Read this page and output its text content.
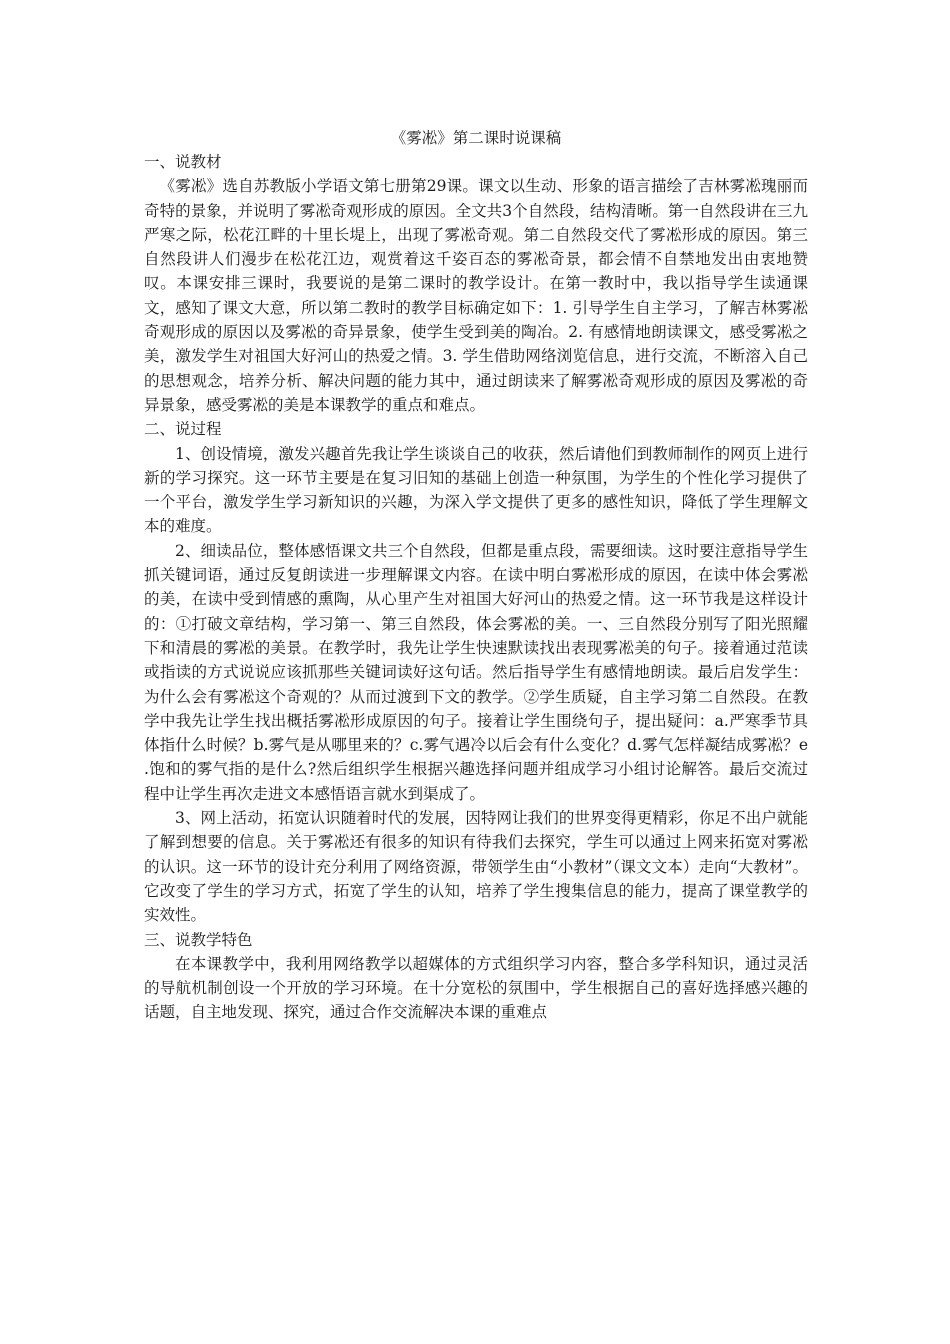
《雾凇》第二课时说课稿

一、说教材

《雾凇》选自苏教版小学语文第七册第29课。课文以生动、形象的语言描绘了吉林雾凇瑰丽而奇特的景象，并说明了雾凇奇观形成的原因。全文共3个自然段，结构清晰。第一自然段讲在三九严寒之际，松花江畔的十里长堤上，出现了雾凇奇观。第二自然段交代了雾凇形成的原因。第三自然段讲人们漫步在松花江边，观赏着这千姿百态的雾凇奇景，都会情不自禁地发出由衷地赞叹。本课安排三课时，我要说的是第二课时的教学设计。在第一教时中，我以指导学生读通课文，感知了课文大意，所以第二教时的教学目标确定如下：1. 引导学生自主学习，了解吉林雾凇奇观形成的原因以及雾凇的奇异景象，使学生受到美的陶冶。2. 有感情地朗读课文，感受雾凇之美，激发学生对祖国大好河山的热爱之情。3. 学生借助网络浏览信息，进行交流，不断溶入自己的思想观念，培养分析、解决问题的能力其中，通过朗读来了解雾凇奇观形成的原因及雾凇的奇异景象，感受雾凇的美是本课教学的重点和难点。

二、说过程

1、创设情境，激发兴趣首先我让学生谈谈自己的收获，然后请他们到教师制作的网页上进行新的学习探究。这一环节主要是在复习旧知的基础上创造一种氛围，为学生的个性化学习提供了一个平台，激发学生学习新知识的兴趣，为深入学文提供了更多的感性知识，降低了学生理解文本的难度。

2、细读品位，整体感悟课文共三个自然段，但都是重点段，需要细读。这时要注意指导学生抓关键词语，通过反复朗读进一步理解课文内容。在读中明白雾凇形成的原因，在读中体会雾凇的美，在读中受到情感的熏陶，从心里产生对祖国大好河山的热爱之情。这一环节我是这样设计的：①打破文章结构，学习第一、第三自然段，体会雾凇的美。一、三自然段分别写了阳光照耀下和清晨的雾凇的美景。在教学时，我先让学生快速默读找出表现雾凇美的句子。接着通过范读或指读的方式说说应该抓那些关键词读好这句话。然后指导学生有感情地朗读。最后启发学生：为什么会有雾凇这个奇观的？从而过渡到下文的教学。②学生质疑，自主学习第二自然段。在教学中我先让学生找出概括雾凇形成原因的句子。接着让学生围绕句子，提出疑问：a.严寒季节具体指什么时候？b.雾气是从哪里来的？c.雾气遇冷以后会有什么变化？d.雾气怎样凝结成雾凇？e .饱和的雾气指的是什么?然后组织学生根据兴趣选择问题并组成学习小组讨论解答。最后交流过程中让学生再次走进文本感悟语言就水到渠成了。

3、网上活动，拓宽认识随着时代的发展，因特网让我们的世界变得更精彩，你足不出户就能了解到想要的信息。关于雾凇还有很多的知识有待我们去探究，学生可以通过上网来拓宽对雾凇的认识。这一环节的设计充分利用了网络资源，带领学生由“小教材”（课文文本）走向“大教材”。它改变了学生的学习方式，拓宽了学生的认知，培养了学生搜集信息的能力，提高了课堂教学的实效性。

三、说教学特色

在本课教学中，我利用网络教学以超媒体的方式组织学习内容，整合多学科知识，通过灵活的导航机制创设一个开放的学习环境。在十分宽松的氛围中，学生根据自己的喜好选择感兴趣的话题，自主地发现、探究，通过合作交流解决本课的重难点
